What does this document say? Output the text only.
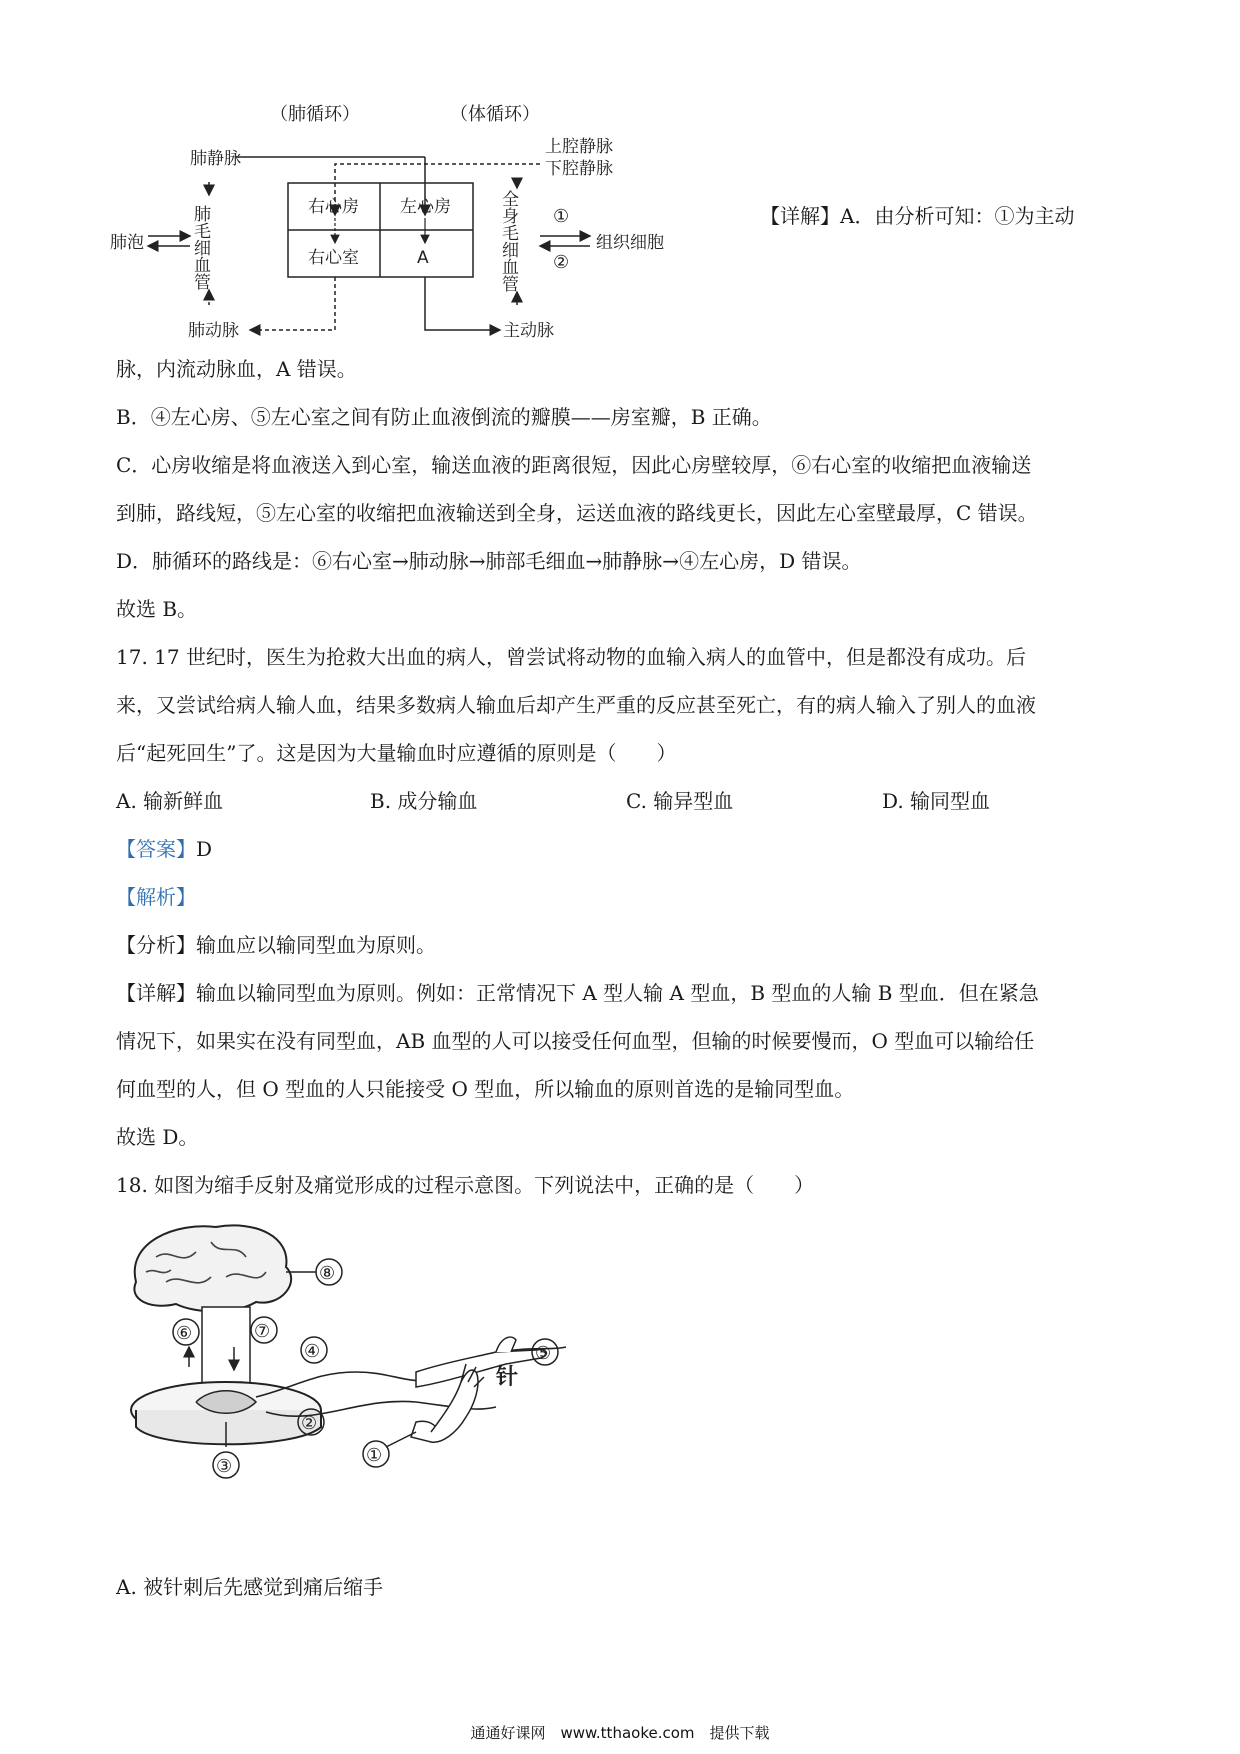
（肺循环）	（体循环）
上腔静脉
下腔静脉
肺静脉
肺毛细血管
肺泡
右心房 左心房
右心室	A	全身毛细血管 ①
②
组织细胞
肺动脉	主动脉
【详解】A．由分析可知：①为主动
脉，内流动脉血，A 错误。
B．④左心房、⑤左心室之间有防止血液倒流的瓣膜——房室瓣，B 正确。
C．心房收缩是将血液送入到心室，输送血液的距离很短，因此心房壁较厚，⑥右心室的收缩把血液输送
到肺，路线短，⑤左心室的收缩把血液输送到全身，运送血液的路线更长，因此左心室壁最厚，C 错误。
D．肺循环的路线是：⑥右心室→肺动脉→肺部毛细血→肺静脉→④左心房，D 错误。
故选 B。
17. 17 世纪时，医生为抢救大出血的病人，曾尝试将动物的血输入病人的血管中，但是都没有成功。后
来，又尝试给病人输人血，结果多数病人输血后却产生严重的反应甚至死亡，有的病人输入了别人的血液
后“起死回生”了。这是因为大量输血时应遵循的原则是（　　）
A. 输新鲜血	B. 成分输血	C. 输异型血	D. 输同型血
【答案】D
【解析】
【分析】输血应以输同型血为原则。
【详解】输血以输同型血为原则。例如：正常情况下 A 型人输 A 型血，B 型血的人输 B 型血．但在紧急
情况下，如果实在没有同型血，AB 血型的人可以接受任何血型，但输的时候要慢而，O 型血可以输给任
何血型的人，但 O 型血的人只能接受 O 型血，所以输血的原则首选的是输同型血。
故选 D。
18. 如图为缩手反射及痛觉形成的过程示意图。下列说法中，正确的是（　　）
⑧
⑥	⑦
③
④
②
⑤
针
①
A. 被针刺后先感觉到痛后缩手
通通好课网　www.tthaoke.com　提供下载
